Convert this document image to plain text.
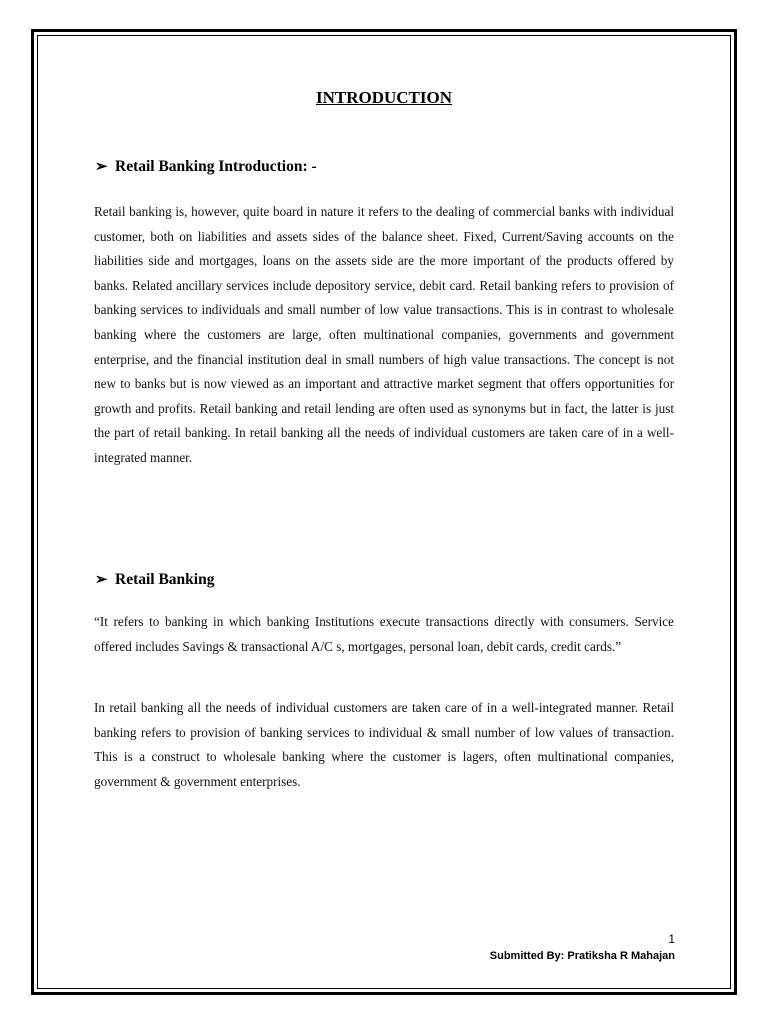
INTRODUCTION
➢ Retail Banking Introduction: -

Retail banking is, however, quite board in nature it refers to the dealing of commercial banks with individual customer, both on liabilities and assets sides of the balance sheet. Fixed, Current/Saving accounts on the liabilities side and mortgages, loans on the assets side are the more important of the products offered by banks. Related ancillary services include depository service, debit card. Retail banking refers to provision of banking services to individuals and small number of low value transactions. This is in contrast to wholesale banking where the customers are large, often multinational companies, governments and government enterprise, and the financial institution deal in small numbers of high value transactions. The concept is not new to banks but is now viewed as an important and attractive market segment that offers opportunities for growth and profits. Retail banking and retail lending are often used as synonyms but in fact, the latter is just the part of retail banking. In retail banking all the needs of individual customers are taken care of in a well-integrated manner.

➢ Retail Banking

“It refers to banking in which banking Institutions execute transactions directly with consumers. Service offered includes Savings & transactional A/C s, mortgages, personal loan, debit cards, credit cards.”

In retail banking all the needs of individual customers are taken care of in a well-integrated manner. Retail banking refers to provision of banking services to individual & small number of low values of transaction. This is a construct to wholesale banking where the customer is lagers, often multinational companies, government & government enterprises.

1
Submitted By: Pratiksha R Mahajan
